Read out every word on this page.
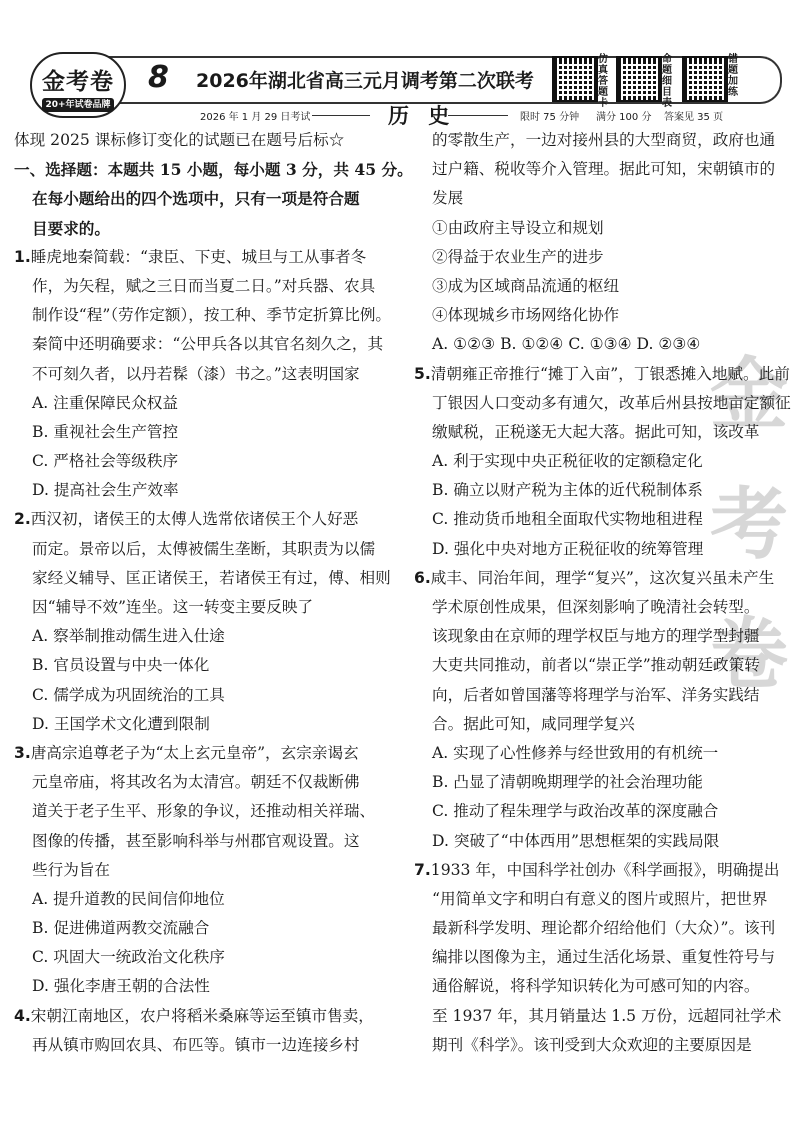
金考卷
20+年试卷品牌
8 2026年湖北省高三元月调考第二次联考
仿真答题卡
命题细目表
错题加练
2026 年 1 月 29 日考试	历 史	限时 75 分钟 满分 100 分 答案见 35 页
金
考
卷
体现 2025 课标修订变化的试题已在题号后标☆
一、选择题：本题共 15 小题，每小题 3 分，共 45 分。
在每小题给出的四个选项中，只有一项是符合题
目要求的。
1.睡虎地秦简载：“隶臣、下吏、城旦与工从事者冬
作，为矢程，赋之三日而当夏二日。”对兵器、农具
制作设“程”（劳作定额），按工种、季节定折算比例。
秦简中还明确要求：“公甲兵各以其官名刻久之，其
不可刻久者，以丹若髹（漆）书之。”这表明国家
A. 注重保障民众权益
B. 重视社会生产管控
C. 严格社会等级秩序
D. 提高社会生产效率
2.西汉初，诸侯王的太傅人选常依诸侯王个人好恶
而定。景帝以后，太傅被儒生垄断，其职责为以儒
家经义辅导、匡正诸侯王，若诸侯王有过，傅、相则
因“辅导不效”连坐。这一转变主要反映了
A. 察举制推动儒生进入仕途
B. 官员设置与中央一体化
C. 儒学成为巩固统治的工具
D. 王国学术文化遭到限制
3.唐高宗追尊老子为“太上玄元皇帝”，玄宗亲谒玄
元皇帝庙，将其改名为太清宫。朝廷不仅裁断佛
道关于老子生平、形象的争议，还推动相关祥瑞、
图像的传播，甚至影响科举与州郡官观设置。这
些行为旨在
A. 提升道教的民间信仰地位
B. 促进佛道两教交流融合
C. 巩固大一统政治文化秩序
D. 强化李唐王朝的合法性
4.宋朝江南地区，农户将稻米桑麻等运至镇市售卖，
再从镇市购回农具、布匹等。镇市一边连接乡村
的零散生产，一边对接州县的大型商贸，政府也通
过户籍、税收等介入管理。据此可知，宋朝镇市的
发展
①由政府主导设立和规划
②得益于农业生产的进步
③成为区域商品流通的枢纽
④体现城乡市场网络化协作
A. ①②③ B. ①②④ C. ①③④ D. ②③④
5.清朝雍正帝推行“摊丁入亩”，丁银悉摊入地赋。此前
丁银因人口变动多有逋欠，改革后州县按地亩定额征
缴赋税，正税遂无大起大落。据此可知，该改革
A. 利于实现中央正税征收的定额稳定化
B. 确立以财产税为主体的近代税制体系
C. 推动货币地租全面取代实物地租进程
D. 强化中央对地方正税征收的统筹管理
6.咸丰、同治年间，理学“复兴”，这次复兴虽未产生
学术原创性成果，但深刻影响了晚清社会转型。
该现象由在京师的理学权臣与地方的理学型封疆
大吏共同推动，前者以“崇正学”推动朝廷政策转
向，后者如曾国藩等将理学与治军、洋务实践结
合。据此可知，咸同理学复兴
A. 实现了心性修养与经世致用的有机统一
B. 凸显了清朝晚期理学的社会治理功能
C. 推动了程朱理学与政治改革的深度融合
D. 突破了“中体西用”思想框架的实践局限
7.1933 年，中国科学社创办《科学画报》，明确提出
“用简单文字和明白有意义的图片或照片，把世界
最新科学发明、理论都介绍给他们（大众）”。该刊
编排以图像为主，通过生活化场景、重复性符号与
通俗解说，将科学知识转化为可感可知的内容。
至 1937 年，其月销量达 1.5 万份，远超同社学术
期刊《科学》。该刊受到大众欢迎的主要原因是
